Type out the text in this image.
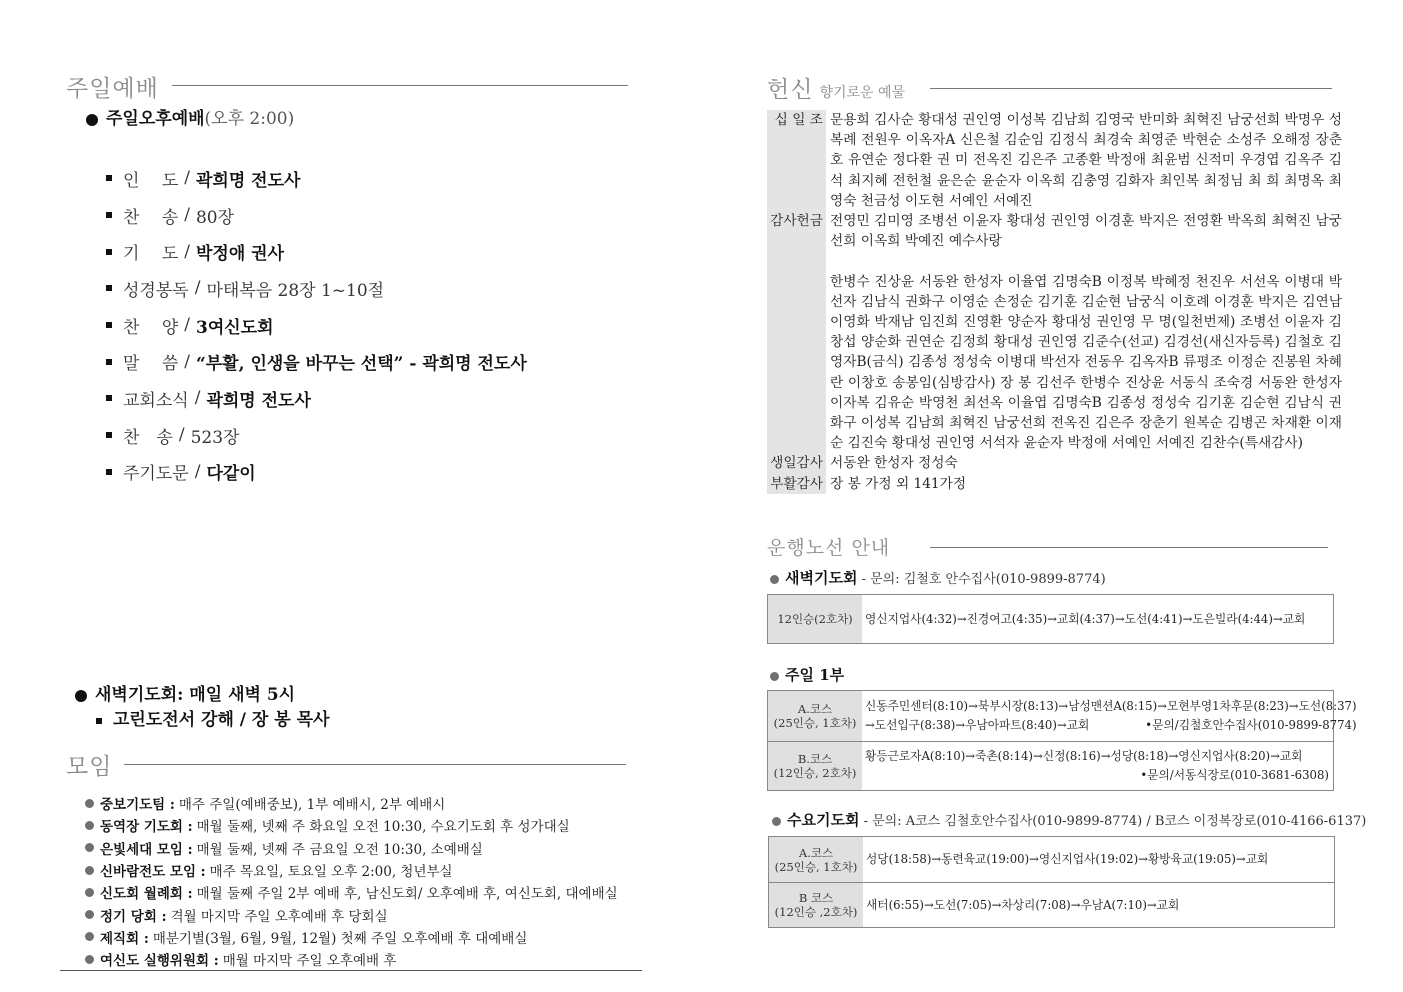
주일예배
주일오후예배(오후 2:00)
인　 도 / 곽희명 전도사
찬　 송 / 80장
기　 도 / 박정애 권사
성경봉독 / 마태복음 28장 1~10절
찬　 양 / 3여신도회
말　 씀 / “부활, 인생을 바꾸는 선택” - 곽희명 전도사
교회소식 / 곽희명 전도사
찬　송 / 523장
주기도문 / 다같이
새벽기도회: 매일 새벽 5시
고린도전서 강해 / 장 봉 목사
모임
중보기도팀 : 매주 주일(예배중보), 1부 예배시, 2부 예배시
동역장 기도회 : 매월 둘째, 넷째 주 화요일 오전 10:30, 수요기도회 후 성가대실
은빛세대 모임 : 매월 둘째, 넷째 주 금요일 오전 10:30, 소예배실
신바람전도 모임 : 매주 목요일, 토요일 오후 2:00, 청년부실
신도회 월례회 : 매월 둘째 주일 2부 예배 후, 남신도회/ 오후예배 후, 여신도회, 대예배실
정기 당회 : 격월 마지막 주일 오후예배 후 당회실
제직회 : 매분기별(3월, 6월, 9월, 12월) 첫째 주일 오후예배 후 대예배실
여신도 실행위원회 : 매월 마지막 주일 오후예배 후
헌신 향기로운 예물
십 일 조 문용희 김사순 황대성 권인영 이성복 김남희 김영국 반미화 최혁진 남궁선희 박명우 성복례 전원우 이옥자A 신은철 김순임 김정식 최경숙 최영준 박현순 소성주 오해정 장춘호 유연순 정다환 권 미 전옥진 김은주 고종환 박정애 최윤범 신적미 우경엽 김옥주 김 석 최지혜 전헌철 윤은순 윤순자 이옥희 김충영 김화자 최인복 최정님 최 희 최명옥 최영숙 천금성 이도현 서예인 서예진
감사헌금 전영민 김미영 조병선 이윤자 황대성 권인영 이경훈 박지은 전영환 박옥희 최혁진 남궁선희 이옥희 박예진 예수사랑
한병수 진상윤 서동완 한성자 이율엽 김명숙B 이정복 박혜정 천진우 서선옥 이병대 박선자 김남식 권화구 이영순 손정순 김기훈 김순현 남궁식 이호례 이경훈 박지은 김연남 이영화 박재남 임진희 진영환 양순자 황대성 권인영 무 명(일천번제) 조병선 이윤자 김창섭 양순화 권연순 김정희 황대성 권인영 김준수(선교) 김경선(새신자등록) 김철호 김영자B(금식) 김종성 정성숙 이병대 박선자 전동우 김옥자B 류평조 이정순 진봉원 차혜란 이창호 송봉임(심방감사) 장 봉 김선주 한병수 진상윤 서동식 조숙경 서동완 한성자 이자복 김유순 박영천 최선옥 이율엽 김명숙B 김종성 정성숙 김기훈 김순현 김남식 권화구 이성복 김남희 최혁진 남궁선희 전옥진 김은주 장춘기 원복순 김병곤 차재환 이재순 김진숙 황대성 권인영 서석자 윤순자 박정애 서예인 서예진 김찬수(특새감사)
생일감사 서동완 한성자 정성숙
부활감사 장 봉 가정 외 141가정
운행노선 안내
새벽기도회 - 문의: 김철호 안수집사(010-9899-8774)
12인승(2호차) 영신지업사(4:32)→진경여고(4:35)→교회(4:37)→도선(4:41)→도은빌라(4:44)→교회
주일 1부
A.코스
(25인승, 1호차)
신동주민센터(8:10)→북부시장(8:13)→남성맨션A(8:15)→모현부영1차후문(8:23)→도선(8:37)
→도선입구(8:38)→우남아파트(8:40)→교회	•문의/김철호안수집사(010-9899-8774)
B.코스
(12인승, 2호차)
황등근로자A(8:10)→죽촌(8:14)→신정(8:16)→성당(8:18)→영신지업사(8:20)→교회
•문의/서동식장로(010-3681-6308)
수요기도회 - 문의: A코스 김철호안수집사(010-9899-8774) / B코스 이정복장로(010-4166-6137)
A.코스
(25인승, 1호차)
성당(18:58)→동련육교(19:00)→영신지업사(19:02)→황방육교(19:05)→교회
B 코스
(12인승 ,2호차)
새터(6:55)→도선(7:05)→차상리(7:08)→우남A(7:10)→교회
